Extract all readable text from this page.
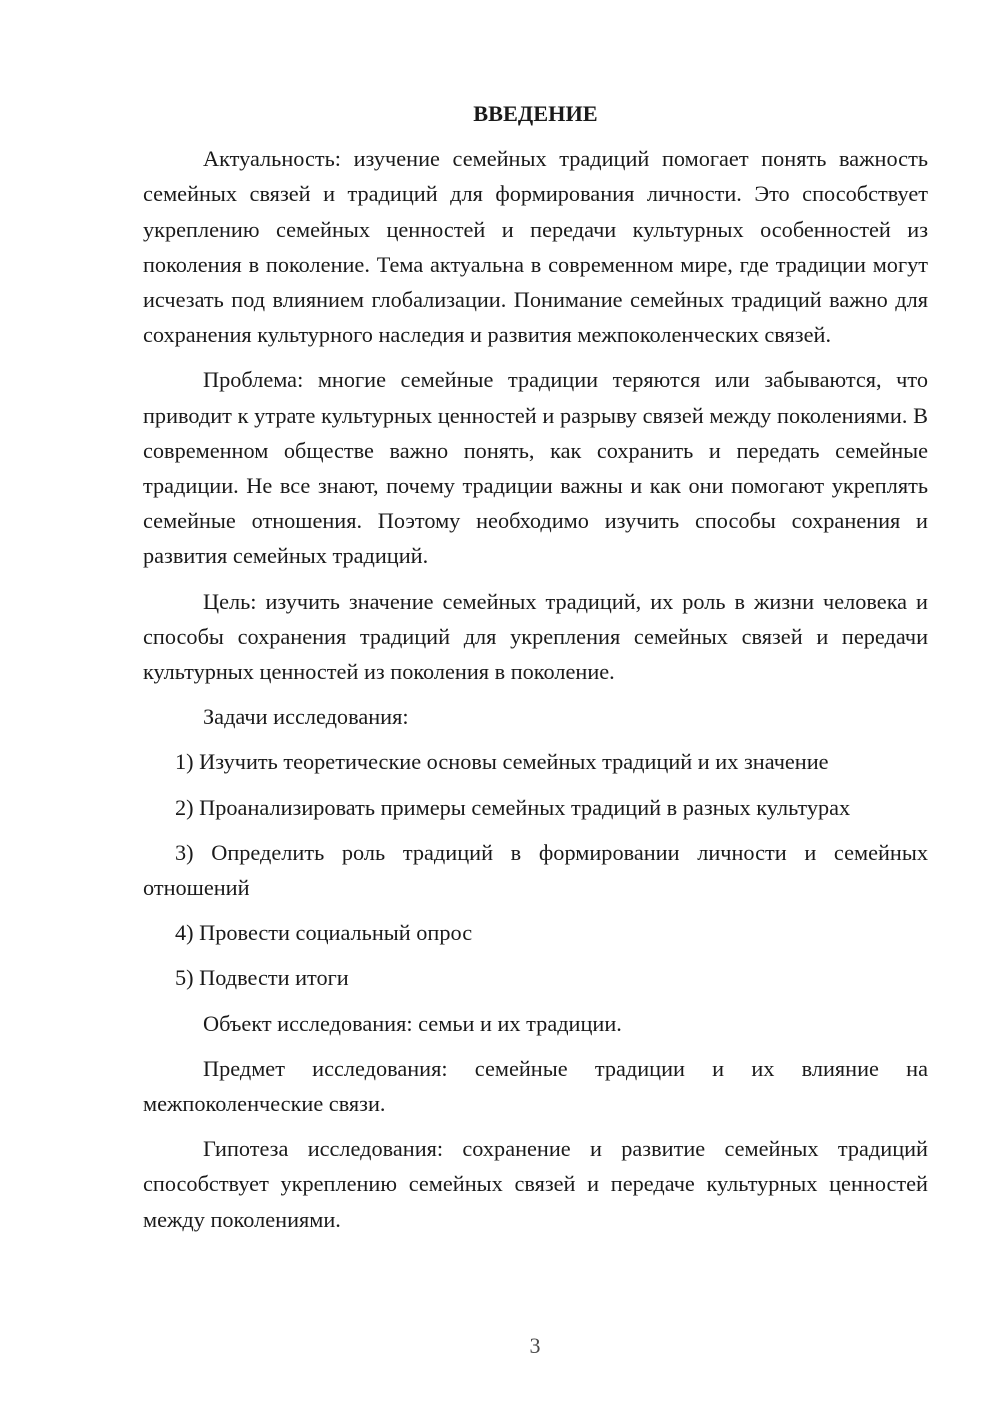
ВВЕДЕНИЕ

Актуальность: изучение семейных традиций помогает понять важность семейных связей и традиций для формирования личности. Это способствует укреплению семейных ценностей и передачи культурных особенностей из поколения в поколение. Тема актуальна в современном мире, где традиции могут исчезать под влиянием глобализации. Понимание семейных традиций важно для сохранения культурного наследия и развития межпоколенческих связей.

Проблема: многие семейные традиции теряются или забываются, что приводит к утрате культурных ценностей и разрыву связей между поколениями. В современном обществе важно понять, как сохранить и передать семейные традиции. Не все знают, почему традиции важны и как они помогают укреплять семейные отношения. Поэтому необходимо изучить способы сохранения и развития семейных традиций.

Цель: изучить значение семейных традиций, их роль в жизни человека и способы сохранения традиций для укрепления семейных связей и передачи культурных ценностей из поколения в поколение.

Задачи исследования:

1) Изучить теоретические основы семейных традиций и их значение

2) Проанализировать примеры семейных традиций в разных культурах

3) Определить роль традиций в формировании личности и семейных отношений

4) Провести социальный опрос

5) Подвести итоги

Объект исследования: семьи и их традиции.

Предмет исследования: семейные традиции и их влияние на межпоколенческие связи.

Гипотеза исследования: сохранение и развитие семейных традиций способствует укреплению семейных связей и передаче культурных ценностей между поколениями.

3
